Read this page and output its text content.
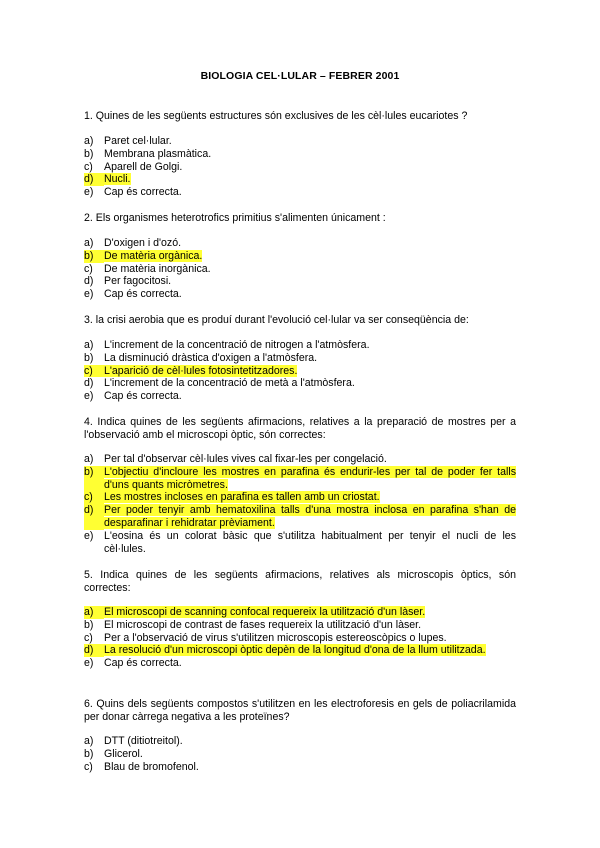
BIOLOGIA CEL·LULAR – FEBRER 2001
1. Quines de les següents estructures són exclusives de les cèl·lules eucariotes ?
a) Paret cel·lular.
b) Membrana plasmàtica.
c)	Aparell de Golgi.
d) Nucli.
e) Cap és correcta.
2. Els organismes heterotrofics primitius s'alimenten únicament :
a) D'oxigen i d'ozó.
b) De matèria orgànica.
c)	De matèria inorgànica.
d) Per fagocitosi.
e) Cap és correcta.
3. la crisi aerobia que es produí durant l'evolució cel·lular va ser conseqüència de:
a) L'increment de la concentració de nitrogen a l'atmòsfera.
b) La disminució dràstica d'oxigen a l'atmòsfera.
c)	L'aparició de cèl·lules fotosintetitzadores.
d) L'increment de la concentració de metà a l'atmòsfera.
e) Cap és correcta.
4. Indica quines de les següents afirmacions, relatives a la preparació de mostres per a l'observació amb el microscopi òptic, són correctes:
a) Per tal d'observar cèl·lules vives cal fixar-les per congelació.
b) L'objectiu d'incloure les mostres en parafina és endurir-les per tal de poder fer talls d'uns quants micròmetres.
c)	Les mostres incloses en parafina es tallen amb un criostat.
d) Per poder tenyir amb hematoxilina talls d'una mostra inclosa en parafina s'han de desparafinar i rehidratar prèviament.
e) L'eosina és un colorat bàsic que s'utilitza habitualment per tenyir el nucli de les cèl·lules.
5. Indica quines de les següents afirmacions, relatives als microscopis òptics, són correctes:
a) El microscopi de scanning confocal requereix la utilització d'un làser.
b) El microscopi de contrast de fases requereix la utilització d'un làser.
c)	Per a l'observació de virus s'utilitzen microscopis estereoscòpics o lupes.
d) La resolució d'un microscopi òptic depèn de la longitud d'ona de la llum utilitzada.
e) Cap és correcta.
6. Quins dels següents compostos s'utilitzen en les electroforesis en gels de poliacrilamida per donar càrrega negativa a les proteïnes?
a) DTT (ditiotreitol).
b) Glicerol.
c)	Blau de bromofenol.
